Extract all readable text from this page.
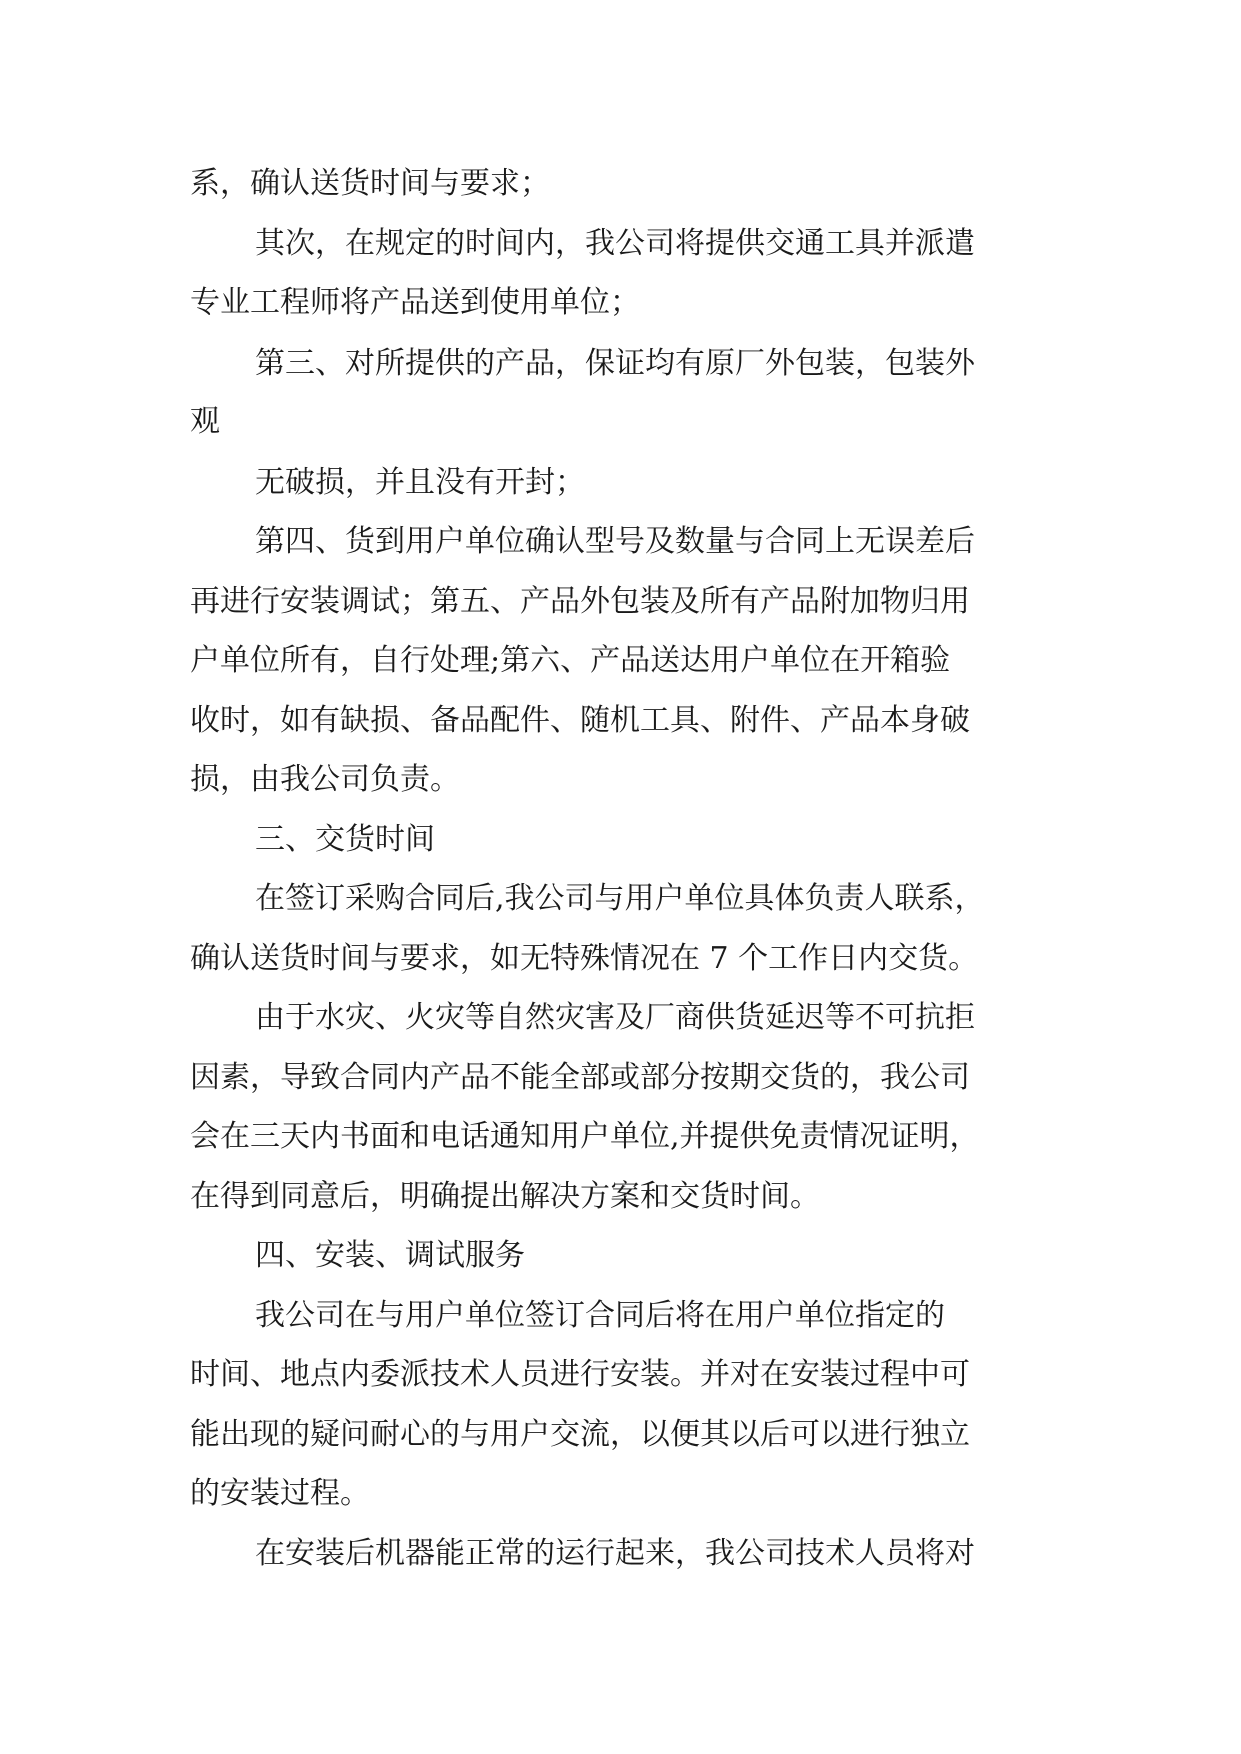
系，确认送货时间与要求；
其次，在规定的时间内，我公司将提供交通工具并派遣
专业工程师将产品送到使用单位；
第三、对所提供的产品，保证均有原厂外包装，包装外
观
无破损，并且没有开封；
第四、货到用户单位确认型号及数量与合同上无误差后
再进行安装调试；第五、产品外包装及所有产品附加物归用
户单位所有，自行处理;第六、产品送达用户单位在开箱验
收时，如有缺损、备品配件、随机工具、附件、产品本身破
损，由我公司负责。
三、交货时间
在签订采购合同后,我公司与用户单位具体负责人联系，
确认送货时间与要求，如无特殊情况在 7 个工作日内交货。
由于水灾、火灾等自然灾害及厂商供货延迟等不可抗拒
因素，导致合同内产品不能全部或部分按期交货的，我公司
会在三天内书面和电话通知用户单位,并提供免责情况证明，
在得到同意后，明确提出解决方案和交货时间。
四、安装、调试服务
我公司在与用户单位签订合同后将在用户单位指定的
时间、地点内委派技术人员进行安装。并对在安装过程中可
能出现的疑问耐心的与用户交流，以便其以后可以进行独立
的安装过程。
在安装后机器能正常的运行起来，我公司技术人员将对
